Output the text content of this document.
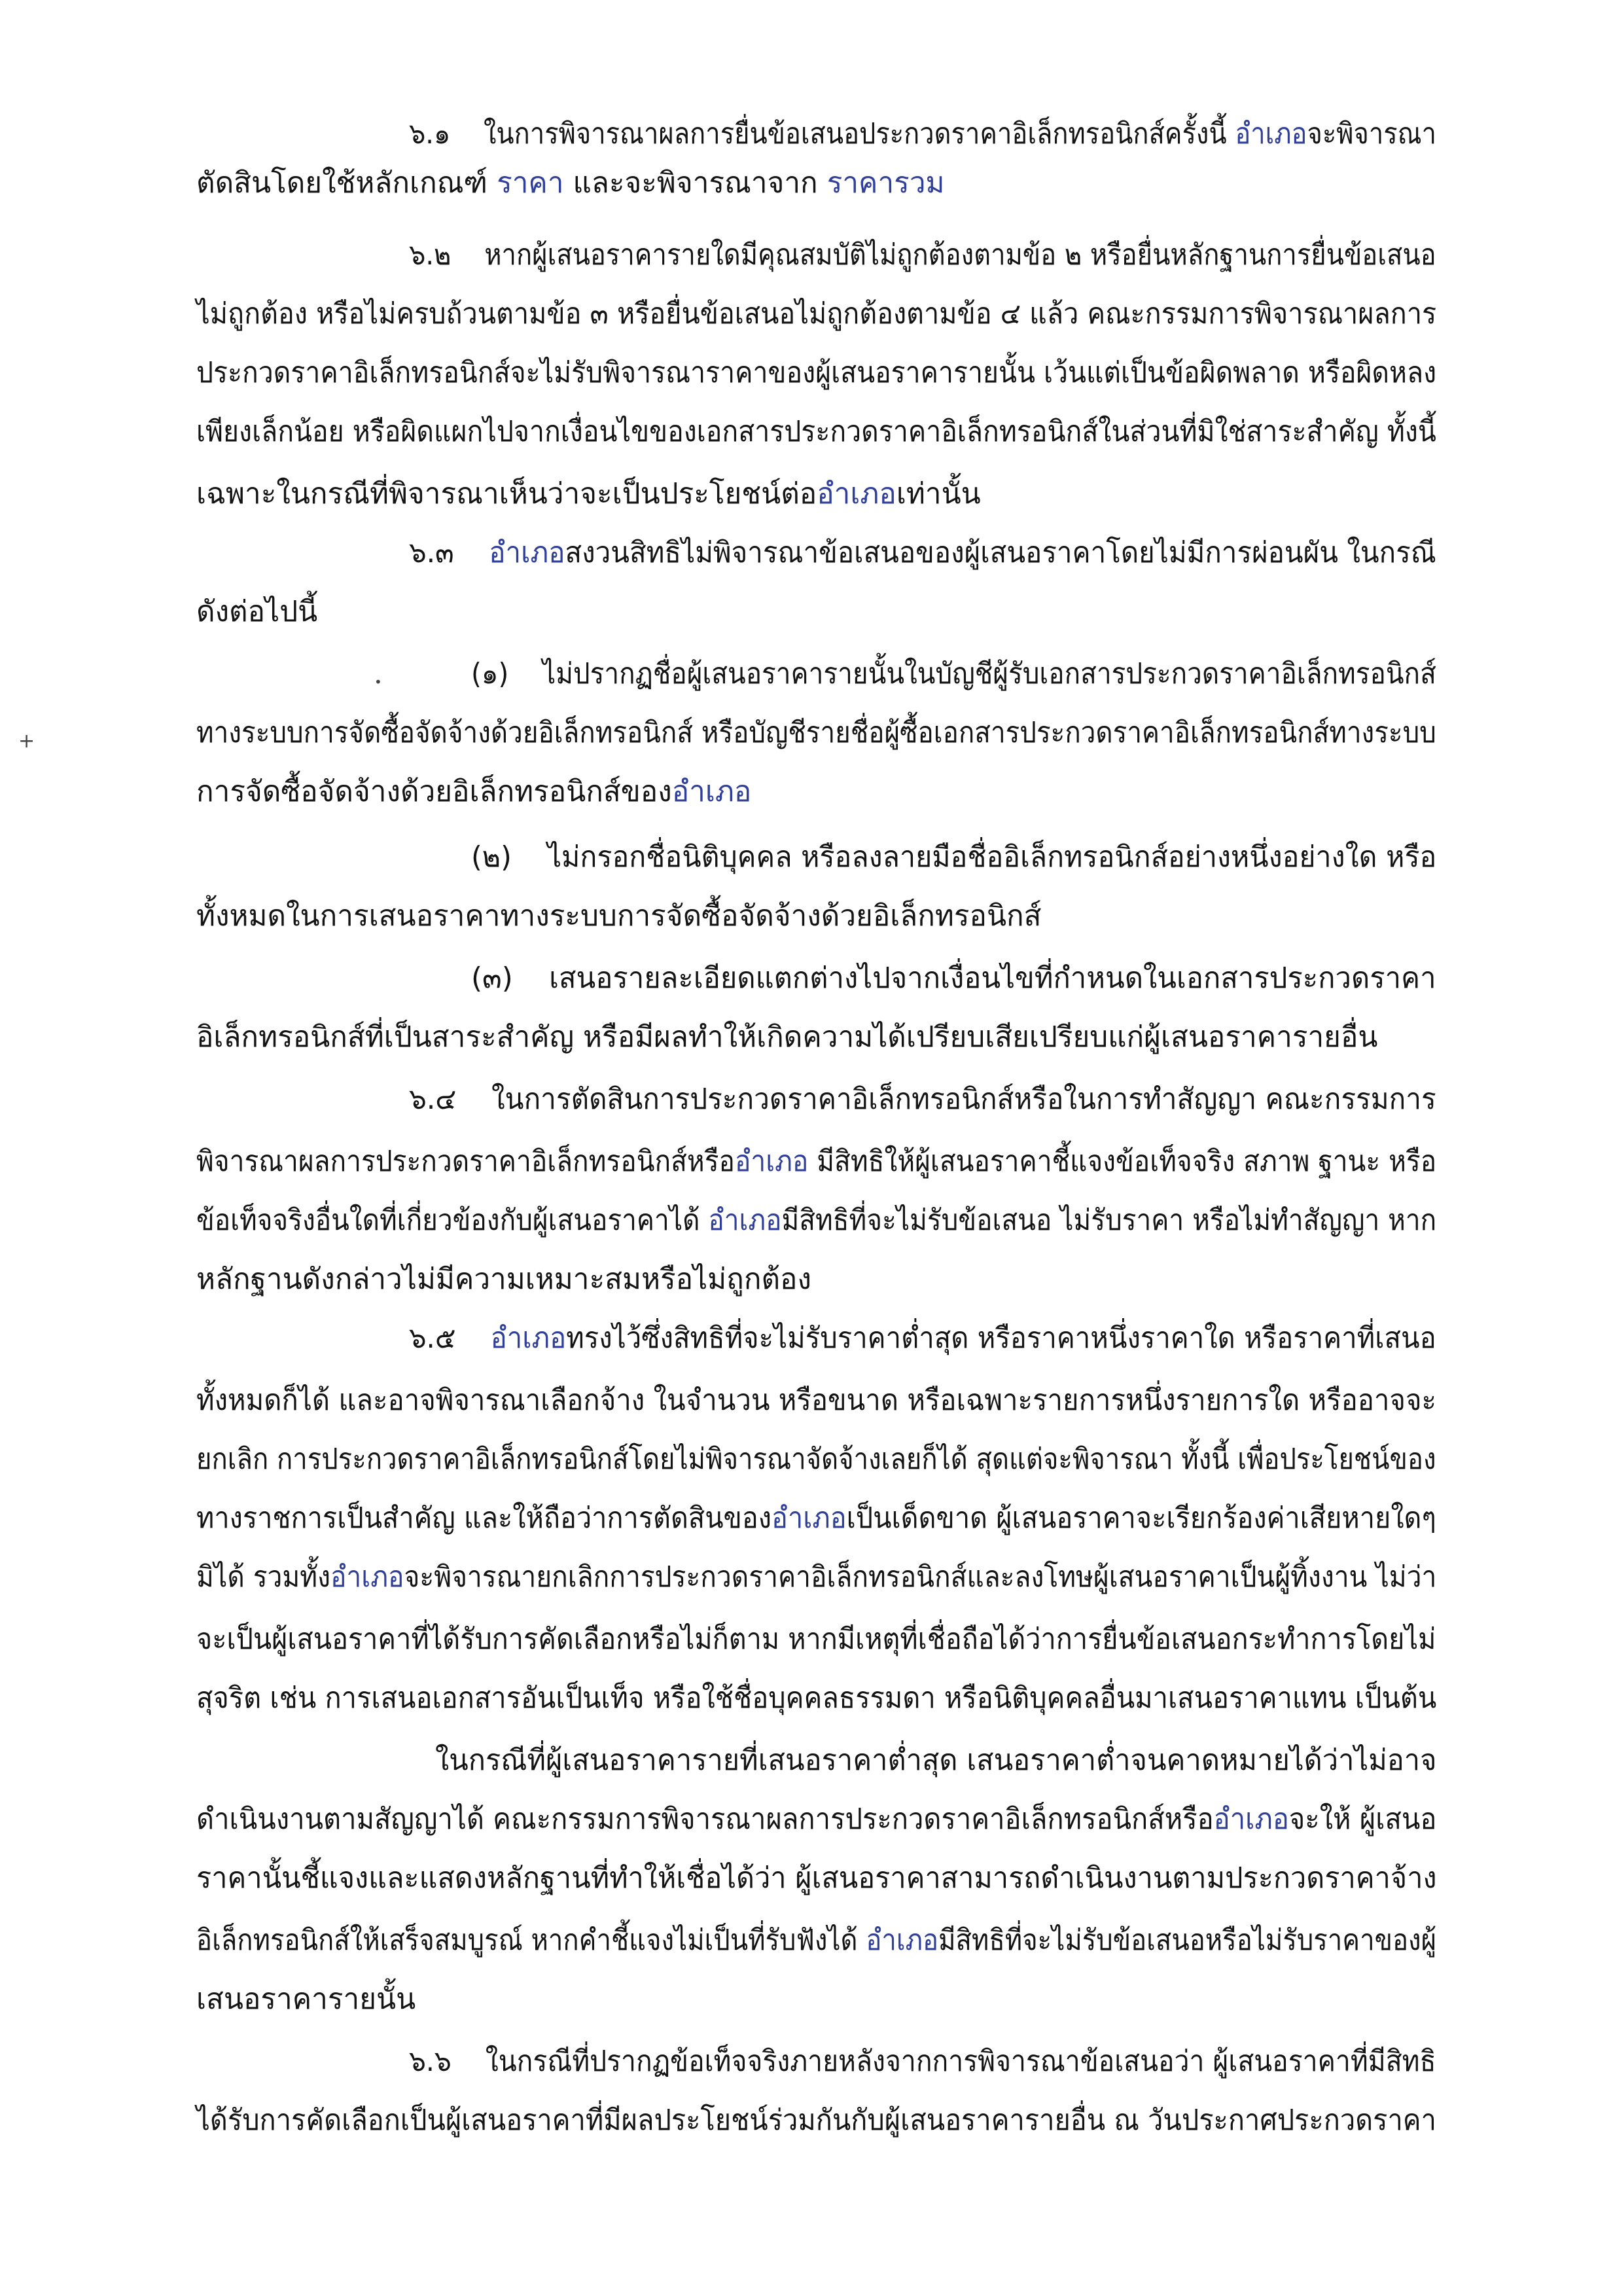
๖.๑ ในการพิจารณาผลการยื่นข้อเสนอประกวดราคาอิเล็กทรอนิกส์ครั้งนี้ อำเภอจะพิจารณา
ตัดสินโดยใช้หลักเกณฑ์ ราคา และจะพิจารณาจาก ราคารวม
๖.๒ หากผู้เสนอราคารายใดมีคุณสมบัติไม่ถูกต้องตามข้อ ๒ หรือยื่นหลักฐานการยื่นข้อเสนอ
ไม่ถูกต้อง หรือไม่ครบถ้วนตามข้อ ๓ หรือยื่นข้อเสนอไม่ถูกต้องตามข้อ ๔ แล้ว คณะกรรมการพิจารณาผลการ
ประกวดราคาอิเล็กทรอนิกส์จะไม่รับพิจารณาราคาของผู้เสนอราคารายนั้น เว้นแต่เป็นข้อผิดพลาด หรือผิดหลง
เพียงเล็กน้อย หรือผิดแผกไปจากเงื่อนไขของเอกสารประกวดราคาอิเล็กทรอนิกส์ในส่วนที่มิใช่สาระสำคัญ ทั้งนี้
เฉพาะในกรณีที่พิจารณาเห็นว่าจะเป็นประโยชน์ต่ออำเภอเท่านั้น
๖.๓ อำเภอสงวนสิทธิไม่พิจารณาข้อเสนอของผู้เสนอราคาโดยไม่มีการผ่อนผัน ในกรณี
ดังต่อไปนี้
(๑) ไม่ปรากฏชื่อผู้เสนอราคารายนั้นในบัญชีผู้รับเอกสารประกวดราคาอิเล็กทรอนิกส์
ทางระบบการจัดซื้อจัดจ้างด้วยอิเล็กทรอนิกส์ หรือบัญชีรายชื่อผู้ซื้อเอกสารประกวดราคาอิเล็กทรอนิกส์ทางระบบ
การจัดซื้อจัดจ้างด้วยอิเล็กทรอนิกส์ของอำเภอ
(๒) ไม่กรอกชื่อนิติบุคคล หรือลงลายมือชื่ออิเล็กทรอนิกส์อย่างหนึ่งอย่างใด หรือ
ทั้งหมดในการเสนอราคาทางระบบการจัดซื้อจัดจ้างด้วยอิเล็กทรอนิกส์
(๓) เสนอรายละเอียดแตกต่างไปจากเงื่อนไขที่กำหนดในเอกสารประกวดราคา
อิเล็กทรอนิกส์ที่เป็นสาระสำคัญ หรือมีผลทำให้เกิดความได้เปรียบเสียเปรียบแก่ผู้เสนอราคารายอื่น
๖.๔ ในการตัดสินการประกวดราคาอิเล็กทรอนิกส์หรือในการทำสัญญา คณะกรรมการ
พิจารณาผลการประกวดราคาอิเล็กทรอนิกส์หรืออำเภอ มีสิทธิให้ผู้เสนอราคาชี้แจงข้อเท็จจริง สภาพ ฐานะ หรือ
ข้อเท็จจริงอื่นใดที่เกี่ยวข้องกับผู้เสนอราคาได้ อำเภอมีสิทธิที่จะไม่รับข้อเสนอ ไม่รับราคา หรือไม่ทำสัญญา หาก
หลักฐานดังกล่าวไม่มีความเหมาะสมหรือไม่ถูกต้อง
๖.๕ อำเภอทรงไว้ซึ่งสิทธิที่จะไม่รับราคาต่ำสุด หรือราคาหนึ่งราคาใด หรือราคาที่เสนอ
ทั้งหมดก็ได้ และอาจพิจารณาเลือกจ้าง ในจำนวน หรือขนาด หรือเฉพาะรายการหนึ่งรายการใด หรืออาจจะ
ยกเลิก การประกวดราคาอิเล็กทรอนิกส์โดยไม่พิจารณาจัดจ้างเลยก็ได้ สุดแต่จะพิจารณา ทั้งนี้ เพื่อประโยชน์ของ
ทางราชการเป็นสำคัญ และให้ถือว่าการตัดสินของอำเภอเป็นเด็ดขาด ผู้เสนอราคาจะเรียกร้องค่าเสียหายใดๆ
มิได้ รวมทั้งอำเภอจะพิจารณายกเลิกการประกวดราคาอิเล็กทรอนิกส์และลงโทษผู้เสนอราคาเป็นผู้ทิ้งงาน ไม่ว่า
จะเป็นผู้เสนอราคาที่ได้รับการคัดเลือกหรือไม่ก็ตาม หากมีเหตุที่เชื่อถือได้ว่าการยื่นข้อเสนอกระทำการโดยไม่
สุจริต เช่น การเสนอเอกสารอันเป็นเท็จ หรือใช้ชื่อบุคคลธรรมดา หรือนิติบุคคลอื่นมาเสนอราคาแทน เป็นต้น
ในกรณีที่ผู้เสนอราคารายที่เสนอราคาต่ำสุด เสนอราคาต่ำจนคาดหมายได้ว่าไม่อาจ
ดำเนินงานตามสัญญาได้ คณะกรรมการพิจารณาผลการประกวดราคาอิเล็กทรอนิกส์หรืออำเภอจะให้ ผู้เสนอ
ราคานั้นชี้แจงและแสดงหลักฐานที่ทำให้เชื่อได้ว่า ผู้เสนอราคาสามารถดำเนินงานตามประกวดราคาจ้าง
อิเล็กทรอนิกส์ให้เสร็จสมบูรณ์ หากคำชี้แจงไม่เป็นที่รับฟังได้ อำเภอมีสิทธิที่จะไม่รับข้อเสนอหรือไม่รับราคาของผู้
เสนอราคารายนั้น
๖.๖ ในกรณีที่ปรากฏข้อเท็จจริงภายหลังจากการพิจารณาข้อเสนอว่า ผู้เสนอราคาที่มีสิทธิ
ได้รับการคัดเลือกเป็นผู้เสนอราคาที่มีผลประโยชน์ร่วมกันกับผู้เสนอราคารายอื่น ณ วันประกาศประกวดราคา
+
•
